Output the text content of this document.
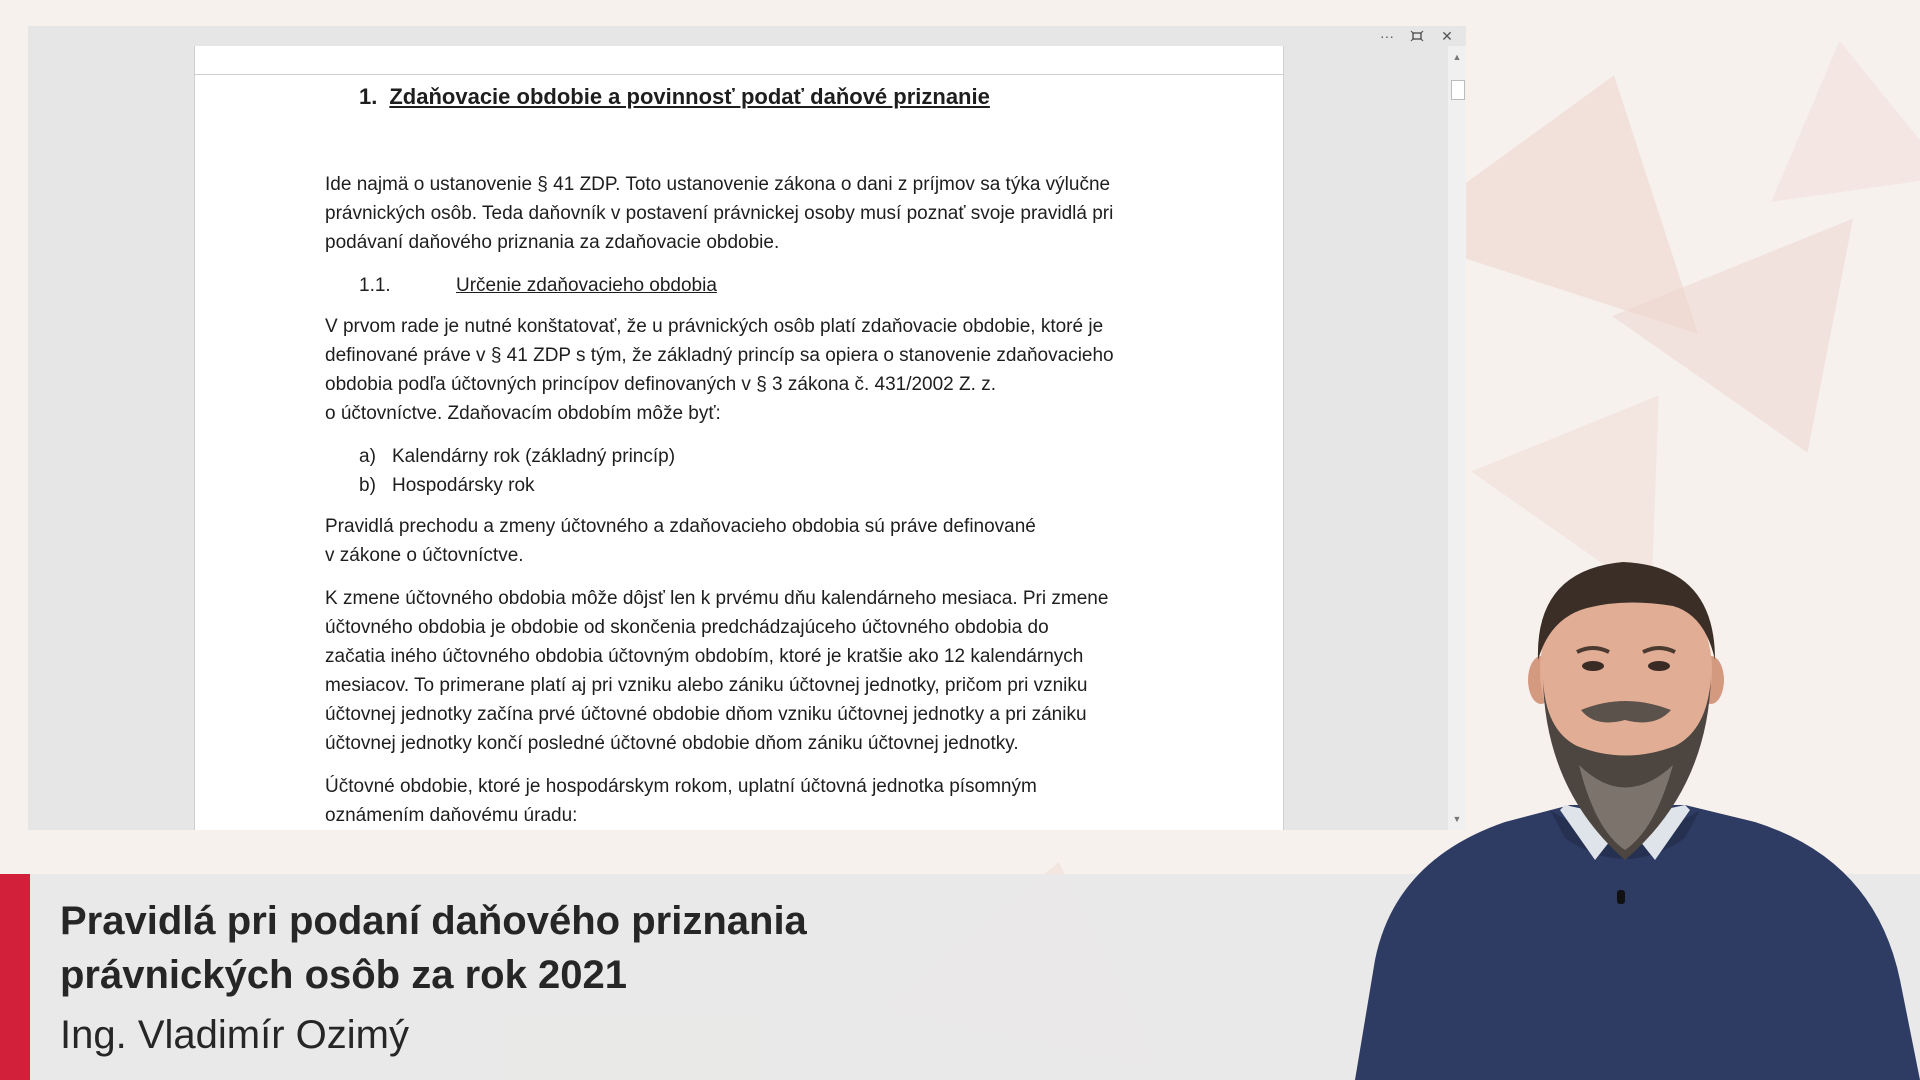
···	✕
1. Zdaňovacie obdobie a povinnosť podať daňové priznanie

Ide najmä o ustanovenie § 41 ZDP. Toto ustanovenie zákona o dani z príjmov sa týka výlučne
právnických osôb. Teda daňovník v postavení právnickej osoby musí poznať svoje pravidlá pri
podávaní daňového priznania za zdaňovacie obdobie.

1.1.	Určenie zdaňovacieho obdobia

V prvom rade je nutné konštatovať, že u právnických osôb platí zdaňovacie obdobie, ktoré je
definované práve v § 41 ZDP s tým, že základný princíp sa opiera o stanovenie zdaňovacieho
obdobia podľa účtovných princípov definovaných v § 3 zákona č. 431/2002 Z. z.
o účtovníctve. Zdaňovacím obdobím môže byť:

a) Kalendárny rok (základný princíp)
b) Hospodársky rok

Pravidlá prechodu a zmeny účtovného a zdaňovacieho obdobia sú práve definované
v zákone o účtovníctve.

K zmene účtovného obdobia môže dôjsť len k prvému dňu kalendárneho mesiaca. Pri zmene
účtovného obdobia je obdobie od skončenia predchádzajúceho účtovného obdobia do
začatia iného účtovného obdobia účtovným obdobím, ktoré je kratšie ako 12 kalendárnych
mesiacov. To primerane platí aj pri vzniku alebo zániku účtovnej jednotky, pričom pri vzniku
účtovnej jednotky začína prvé účtovné obdobie dňom vzniku účtovnej jednotky a pri zániku
účtovnej jednotky končí posledné účtovné obdobie dňom zániku účtovnej jednotky.

Účtovné obdobie, ktoré je hospodárskym rokom, uplatní účtovná jednotka písomným
oznámením daňovému úradu:

▲
▼
Pravidlá pri podaní daňového priznania
právnických osôb za rok 2021
Ing. Vladimír Ozimý
